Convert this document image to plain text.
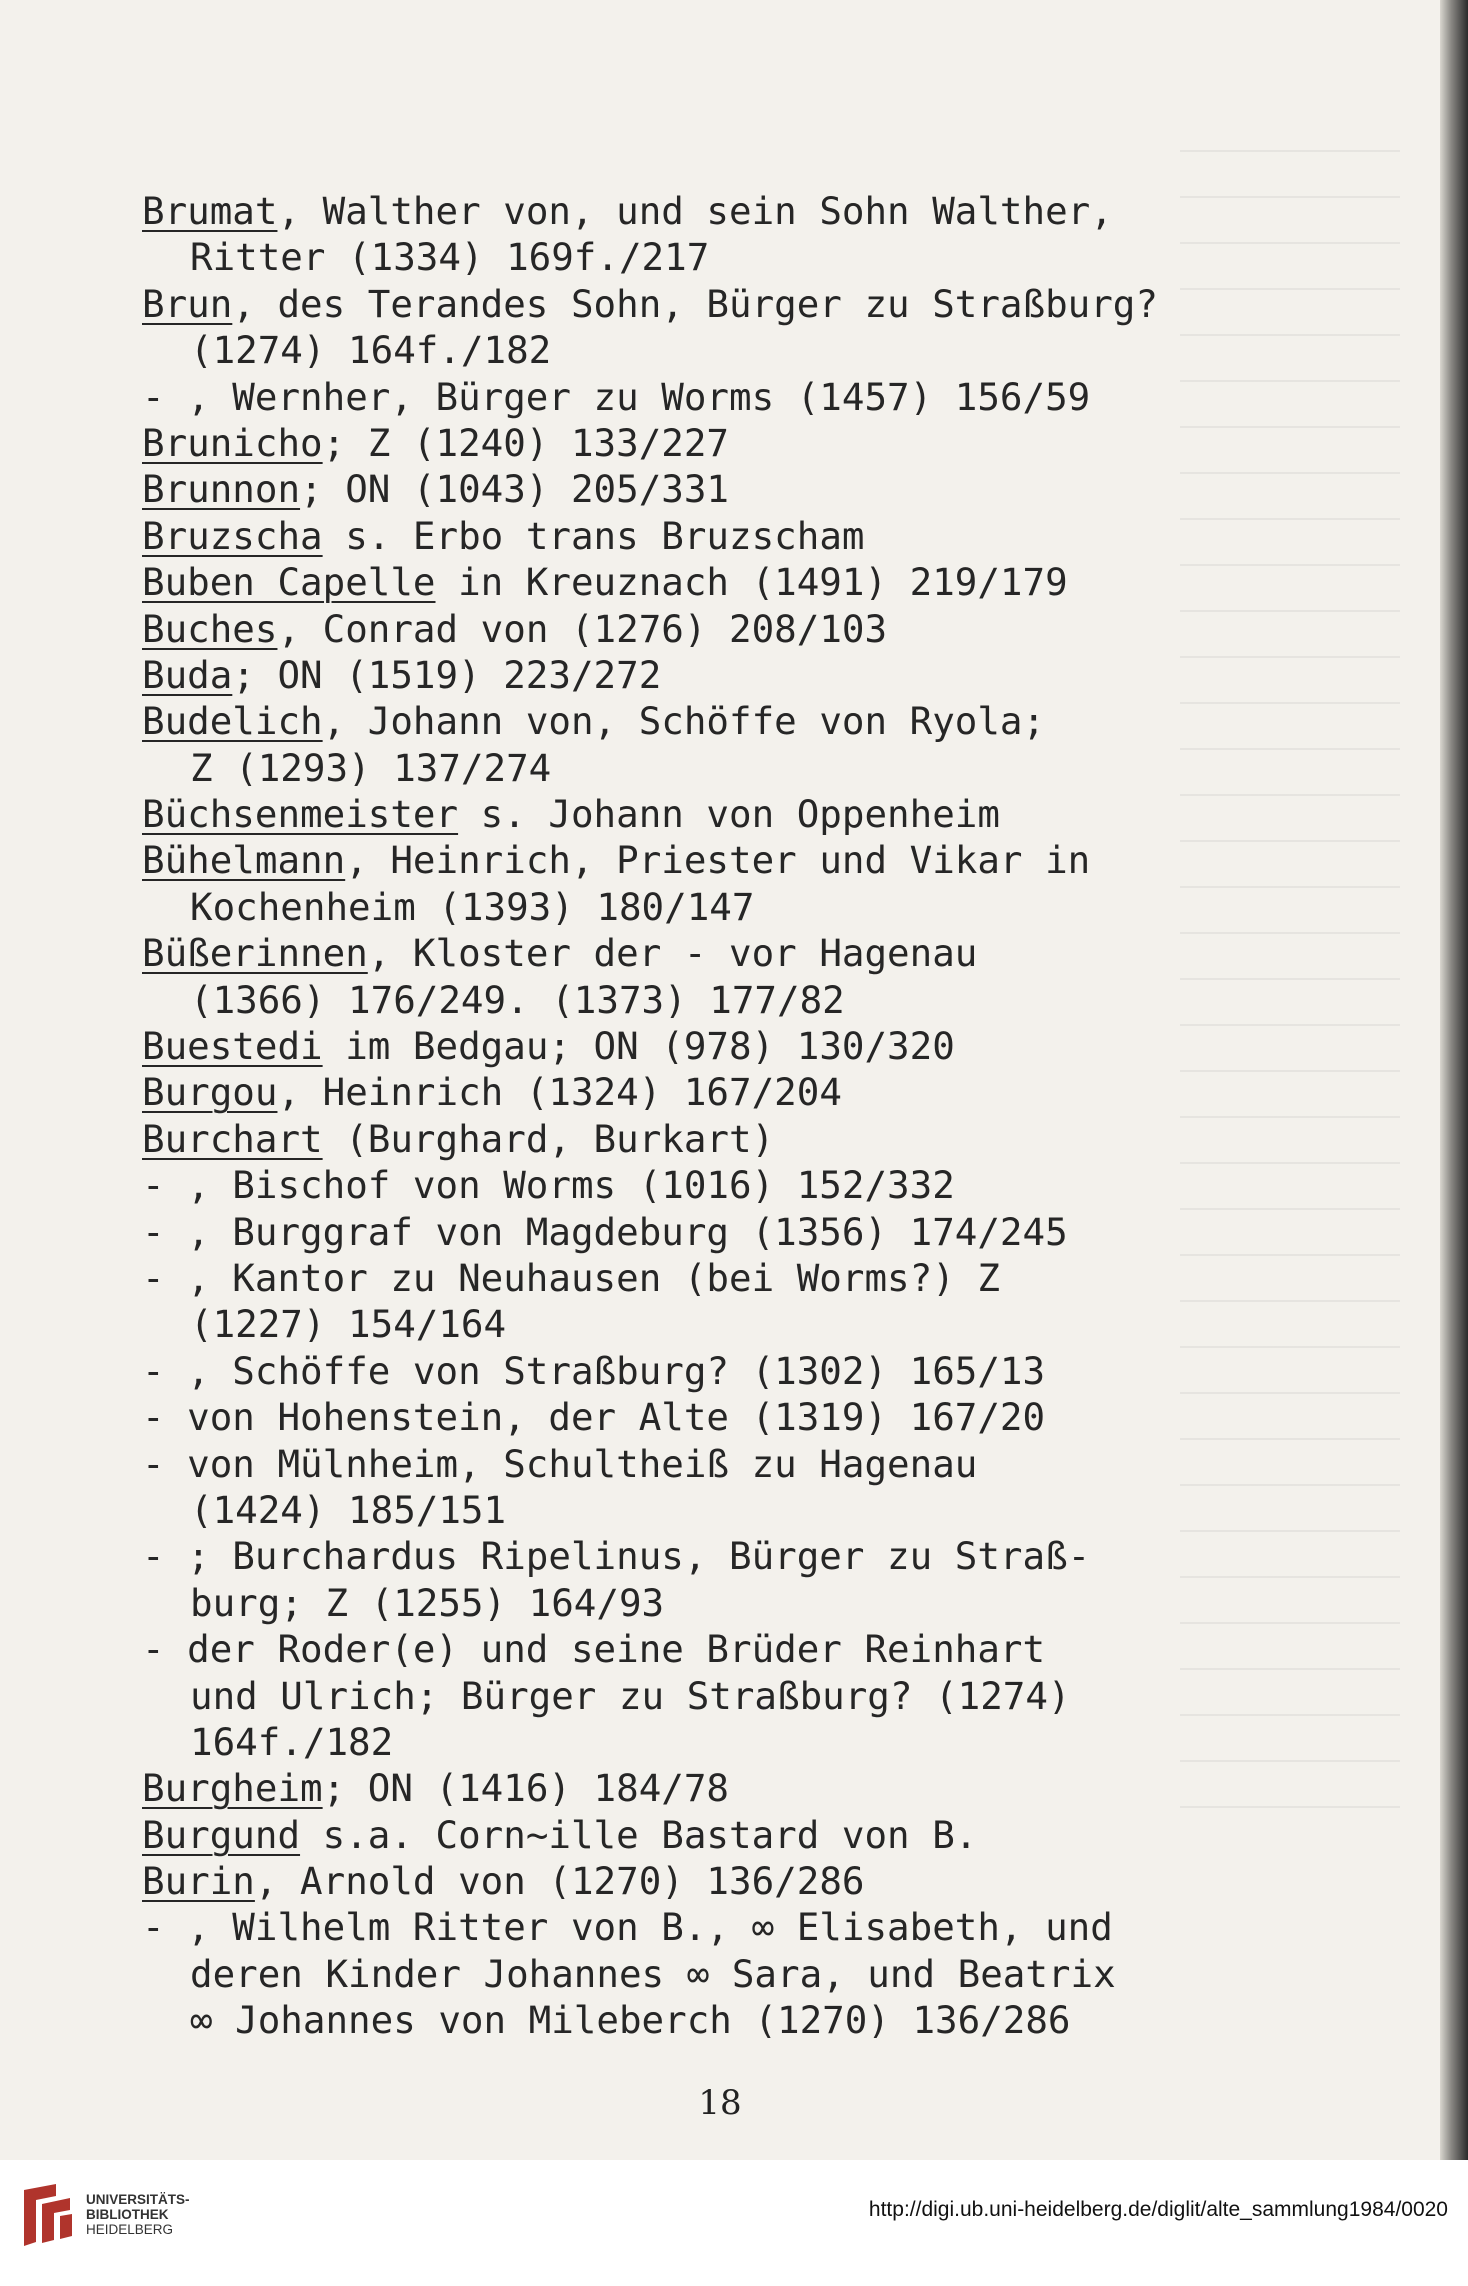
Brumat, Walther von, und sein Sohn Walther,
Ritter (1334) 169f./217
Brun, des Terandes Sohn, Bürger zu Straßburg?
(1274) 164f./182
- , Wernher, Bürger zu Worms (1457) 156/59
Brunicho; Z (1240) 133/227
Brunnon; ON (1043) 205/331
Bruzscha s. Erbo trans Bruzscham
Buben Capelle in Kreuznach (1491) 219/179
Buches, Conrad von (1276) 208/103
Buda; ON (1519) 223/272
Budelich, Johann von, Schöffe von Ryola;
Z (1293) 137/274
Büchsenmeister s. Johann von Oppenheim
Bühelmann, Heinrich, Priester und Vikar in
Kochenheim (1393) 180/147
Büßerinnen, Kloster der - vor Hagenau
(1366) 176/249. (1373) 177/82
Buestedi im Bedgau; ON (978) 130/320
Burgou, Heinrich (1324) 167/204
Burchart (Burghard, Burkart)
- , Bischof von Worms (1016) 152/332
- , Burggraf von Magdeburg (1356) 174/245
- , Kantor zu Neuhausen (bei Worms?) Z
(1227) 154/164
- , Schöffe von Straßburg? (1302) 165/13
- von Hohenstein, der Alte (1319) 167/20
- von Mülnheim, Schultheiß zu Hagenau
(1424) 185/151
- ; Burchardus Ripelinus, Bürger zu Straß-
burg; Z (1255) 164/93
- der Roder(e) und seine Brüder Reinhart
und Ulrich; Bürger zu Straßburg? (1274)
164f./182
Burgheim; ON (1416) 184/78
Burgund s.a. Corn~ille Bastard von B.
Burin, Arnold von (1270) 136/286
- , Wilhelm Ritter von B., ∞ Elisabeth, und
deren Kinder Johannes ∞ Sara, und Beatrix
∞ Johannes von Mileberch (1270) 136/286
18
UNIVERSITÄTS-
BIBLIOTHEK
HEIDELBERG
http://digi.ub.uni-heidelberg.de/diglit/alte_sammlung1984/0020
